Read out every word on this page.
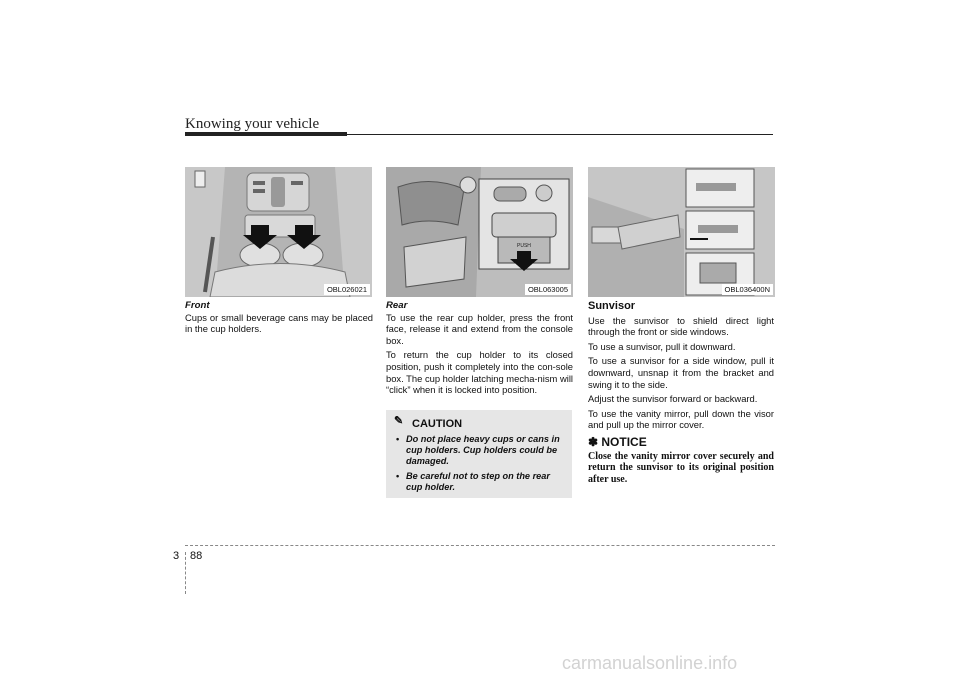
Knowing your vehicle
OBL026021
PUSH
OBL063005	OBL036400N
Front

Cups or small beverage cans may be placed in the cup holders.

Rear

To use the rear cup holder, press the front face, release it and extend from the console box.

To return the cup holder to its closed position, push it completely into the con-sole box. The cup holder latching mecha-nism will “click” when it is locked into position.

✎ CAUTION
• Do not place heavy cups or cans in cup holders. Cup holders could be damaged.
• Be careful not to step on the rear cup holder.
Sunvisor

Use the sunvisor to shield direct light through the front or side windows.

To use a sunvisor, pull it downward.

To use a sunvisor for a side window, pull it downward, unsnap it from the bracket and swing it to the side.

Adjust the sunvisor forward or backward.

To use the vanity mirror, pull down the visor and pull up the mirror cover.

✽ NOTICE
Close the vanity mirror cover securely and return the sunvisor to its original position after use.
3 88
carmanualsonline.info
